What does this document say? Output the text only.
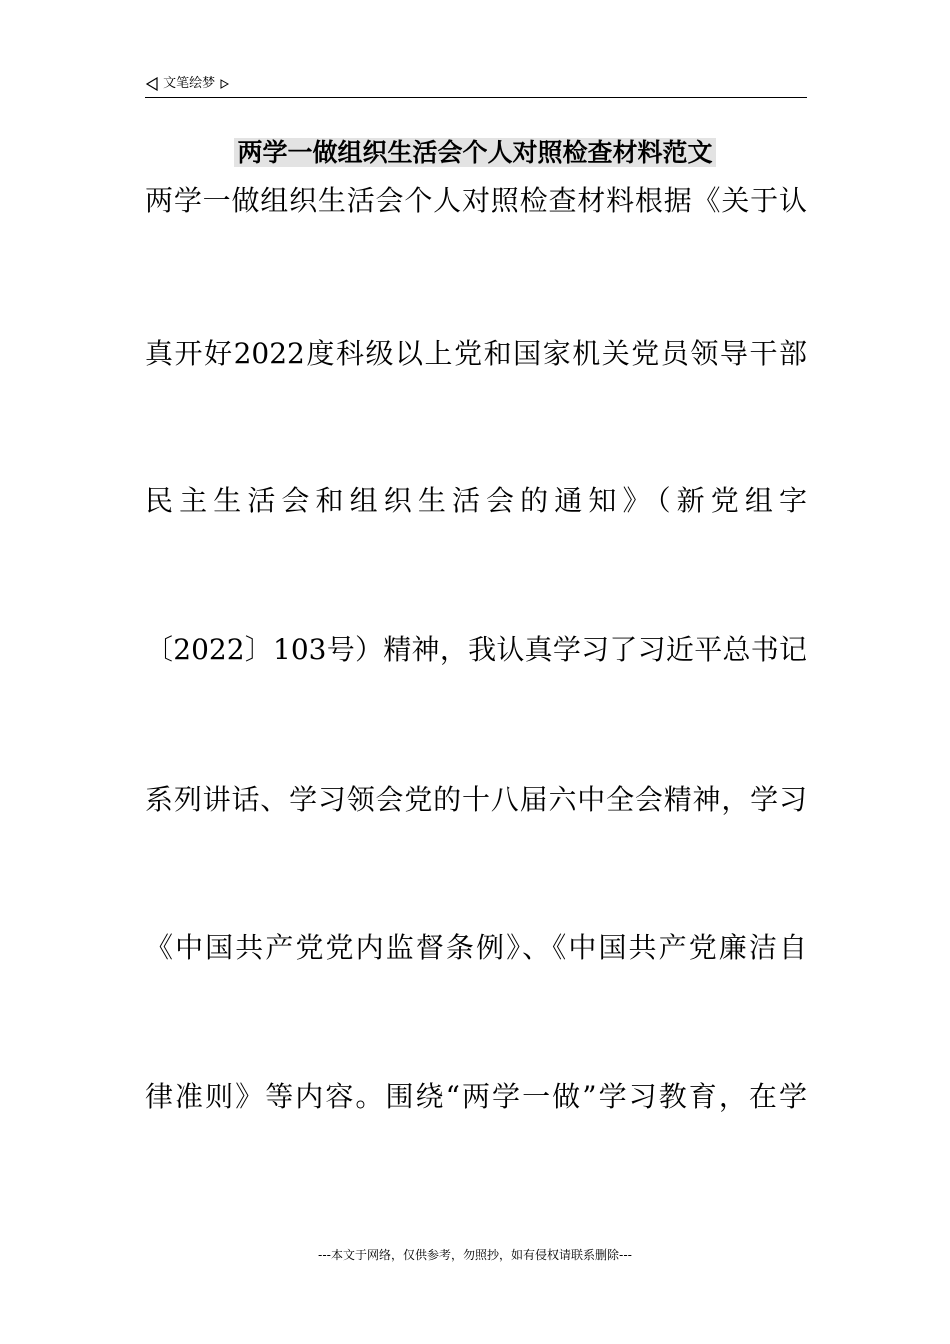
文笔绘梦
两学一做组织生活会个人对照检查材料范文
两学一做组织生活会个人对照检查材料根据《关于认
真开好2022度科级以上党和国家机关党员领导干部
民主生活会和组织生活会的通知》（新党组字
〔2022〕103号）精神，我认真学习了习近平总书记
系列讲话、学习领会党的十八届六中全会精神，学习
《中国共产党党内监督条例》、《中国共产党廉洁自
律准则》等内容。围绕“两学一做”学习教育，在学
---本文于网络，仅供参考，勿照抄，如有侵权请联系删除---
